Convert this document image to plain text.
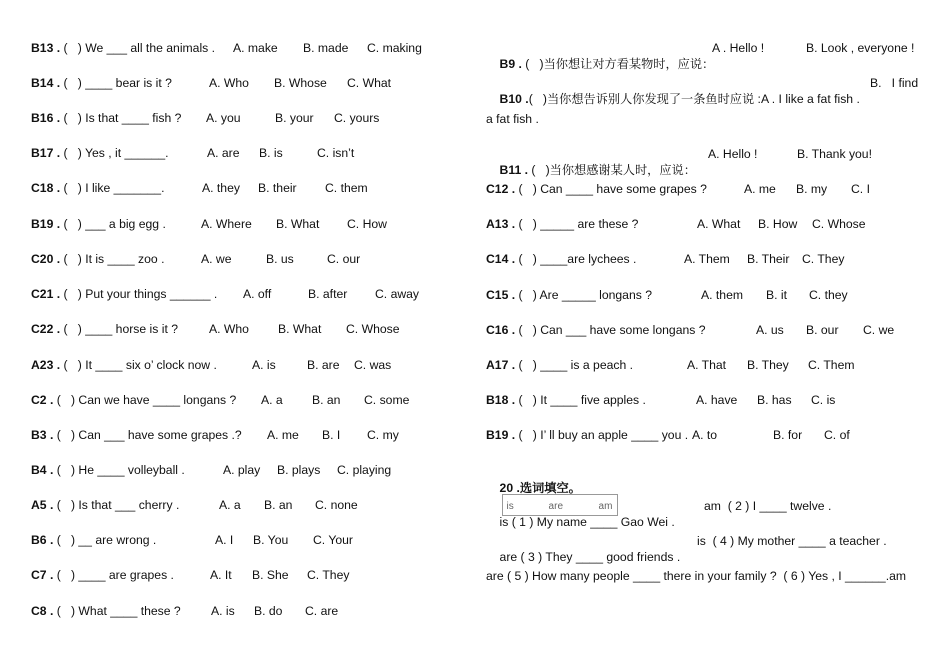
B13 . (   ) We ___ all the animals . A. make B. made C. making
B14 . (   ) ____ bear is it ?	A. Who B. Whose C. What
B16 . (   ) Is that ____ fish ? A. you	B. your C. yours
B17 . (   ) Yes , it ______.	A. are B. is	C. isn’t
C18 . (   ) I like _______.	A. they B. their C. them
B19 . (   ) ___ a big egg .	A. Where B. What C. How
C20 . (   ) It is ____ zoo .	A. we	B. us	C. our
C21 . (   ) Put your things ______ . A. off	B. after C. away
C22 . (   ) ____ horse is it ?	A. Who B. What C. Whose
A23 . (   ) It ____ six o’ clock now .	A. is	B. are C. was
C2 . (   ) Can we have ____ longans ? A. a B. an C. some
B3 . (   ) Can ___ have some grapes .? A. me B. I C. my
B4 . (   ) He ____ volleyball .	A. play B. plays C. playing
A5 . (   ) Is that ___ cherry .	A. a B. an C. none
B6 . (   ) __ are wrong .	A. I B. You C. Your
C7 . (   ) ____ are grapes .	A. It B. She C. They
C8 . (   ) What ____ these ? A. is B. do C. are

B9 . (   )当你想让对方看某物时，应说：

A . Hello !

	B. Look , everyone !

B10 .(   )当你想告诉别人你发现了一条鱼时应说 :A . I like a fat fish .

B.   I find

a fat fish .

B11 . (   )当你想感谢某人时，应说：

A. Hello !

	B. Thank you!

C12 . (   ) Can ____ have some grapes ?	A. me B. my C. I
A13 . (   ) _____ are these ?	A. What B. How C. Whose
C14 . (   ) ____are lychees .	A. Them B. Their C. They
C15 . (   ) Are _____ longans ?	A. them B. it C. they
C16 . (   ) Can ___ have some longans ?	A. us B. our C. we
A17 . (   ) ____ is a peach .	A. That B. They C. Them
B18 . (   ) It ____ five apples .	A. have B. has C. is
B19 . (   ) I’ ll buy an apple ____ you . A. to	B. for C. of

20 .选词填空。

is

	are

	am

is ( 1 ) My name ____ Gao Wei .

am  ( 2 ) I ____ twelve .

are ( 3 ) They ____ good friends .

is  ( 4 ) My mother ____ a teacher .

are ( 5 ) How many people ____ there in your family ?  ( 6 ) Yes , I ______.am
